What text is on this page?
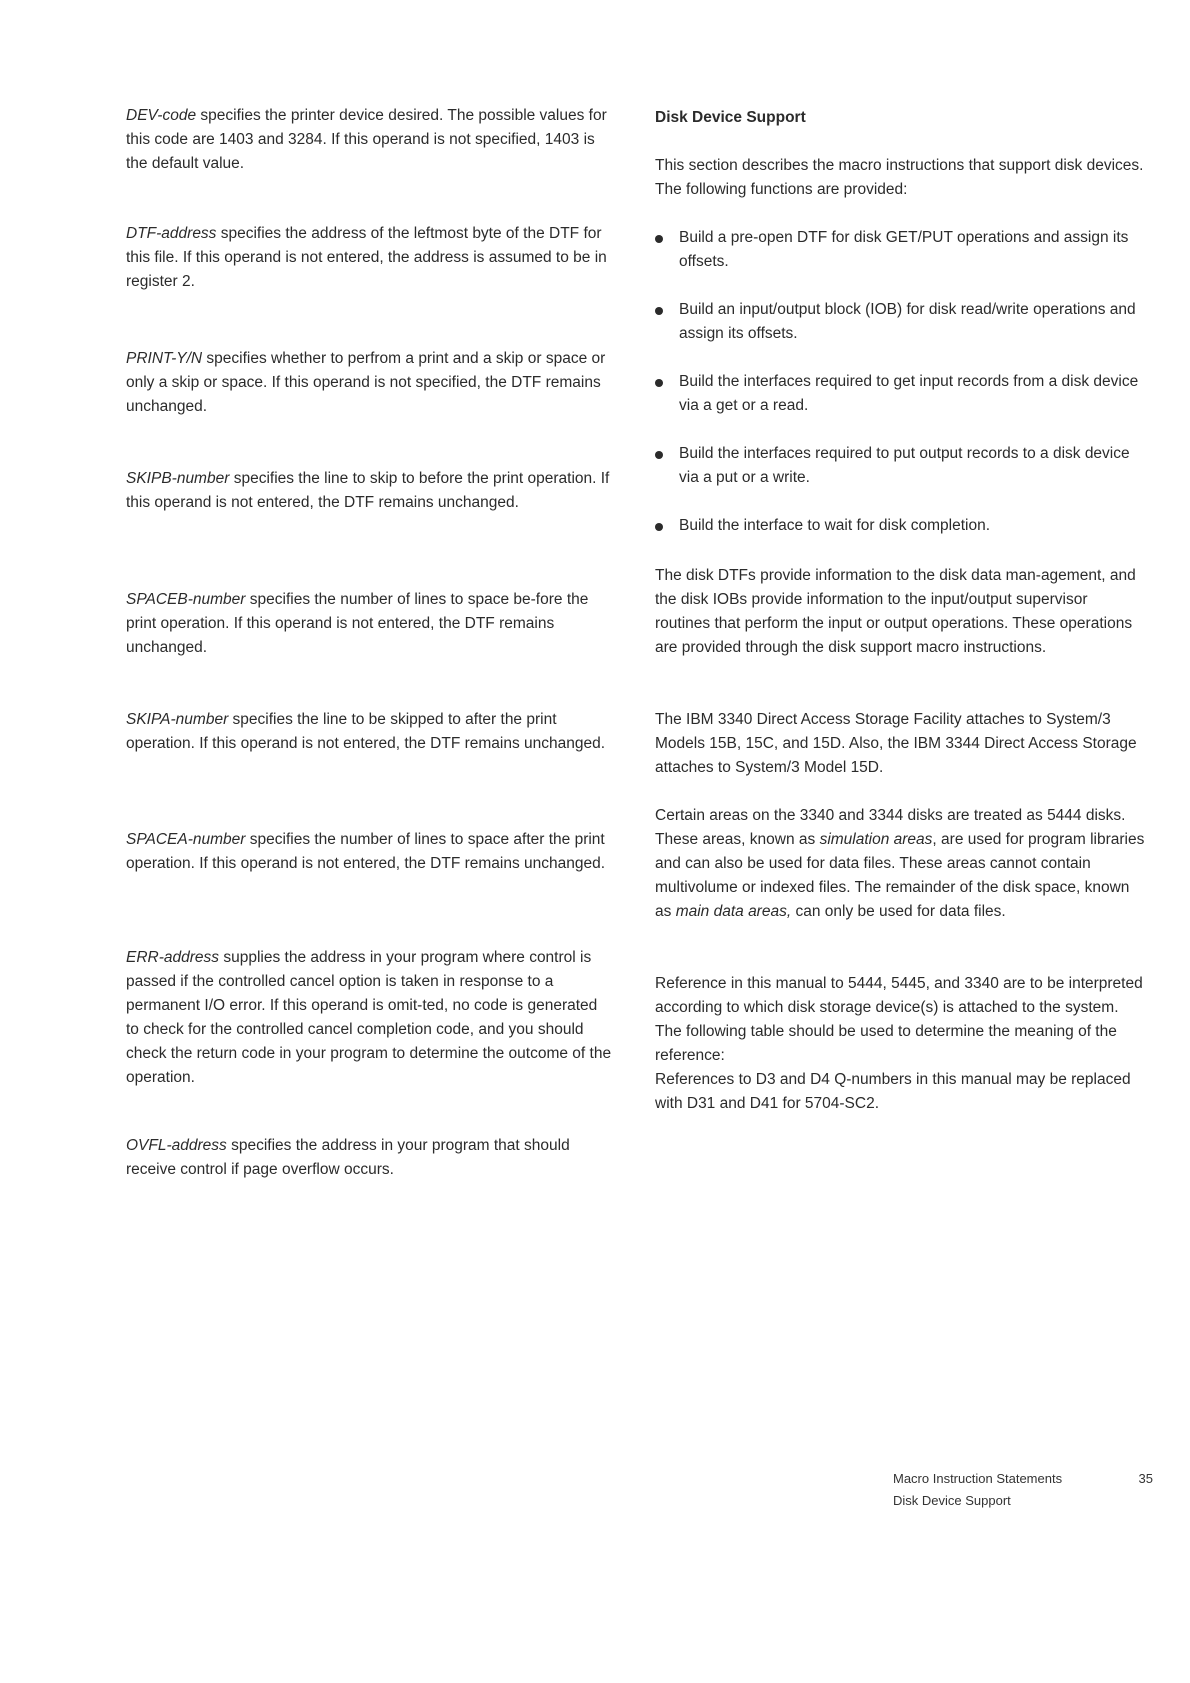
DEV-code specifies the printer device desired. The possible values for this code are 1403 and 3284. If this operand is not specified, 1403 is the default value.

DTF-address specifies the address of the leftmost byte of the DTF for this file. If this operand is not entered, the address is assumed to be in register 2.

PRINT-Y/N specifies whether to perfrom a print and a skip or space or only a skip or space. If this operand is not specified, the DTF remains unchanged.

SKIPB-number specifies the line to skip to before the print operation. If this operand is not entered, the DTF remains unchanged.

SPACEB-number specifies the number of lines to space be-fore the print operation. If this operand is not entered, the DTF remains unchanged.

SKIPA-number specifies the line to be skipped to after the print operation. If this operand is not entered, the DTF remains unchanged.

SPACEA-number specifies the number of lines to space after the print operation. If this operand is not entered, the DTF remains unchanged.

ERR-address supplies the address in your program where control is passed if the controlled cancel option is taken in response to a permanent I/O error. If this operand is omit-ted, no code is generated to check for the controlled cancel completion code, and you should check the return code in your program to determine the outcome of the operation.

OVFL-address specifies the address in your program that should receive control if page overflow occurs.

Disk Device Support

This section describes the macro instructions that support disk devices. The following functions are provided:

Build a pre-open DTF for disk GET/PUT operations and assign its offsets.
Build an input/output block (IOB) for disk read/write operations and assign its offsets.
Build the interfaces required to get input records from a disk device via a get or a read.
Build the interfaces required to put output records to a disk device via a put or a write.
Build the interface to wait for disk completion.

The disk DTFs provide information to the disk data man-agement, and the disk IOBs provide information to the input/output supervisor routines that perform the input or output operations. These operations are provided through the disk support macro instructions.

The IBM 3340 Direct Access Storage Facility attaches to System/3 Models 15B, 15C, and 15D. Also, the IBM 3344 Direct Access Storage attaches to System/3 Model 15D.

Certain areas on the 3340 and 3344 disks are treated as 5444 disks. These areas, known as simulation areas, are used for program libraries and can also be used for data files. These areas cannot contain multivolume or indexed files. The remainder of the disk space, known as main data areas, can only be used for data files.

Reference in this manual to 5444, 5445, and 3340 are to be interpreted according to which disk storage device(s) is attached to the system. The following table should be used to determine the meaning of the reference:

References to D3 and D4 Q-numbers in this manual may be replaced with D31 and D41 for 5704-SC2.

Macro Instruction Statements
Disk Device Support
35
